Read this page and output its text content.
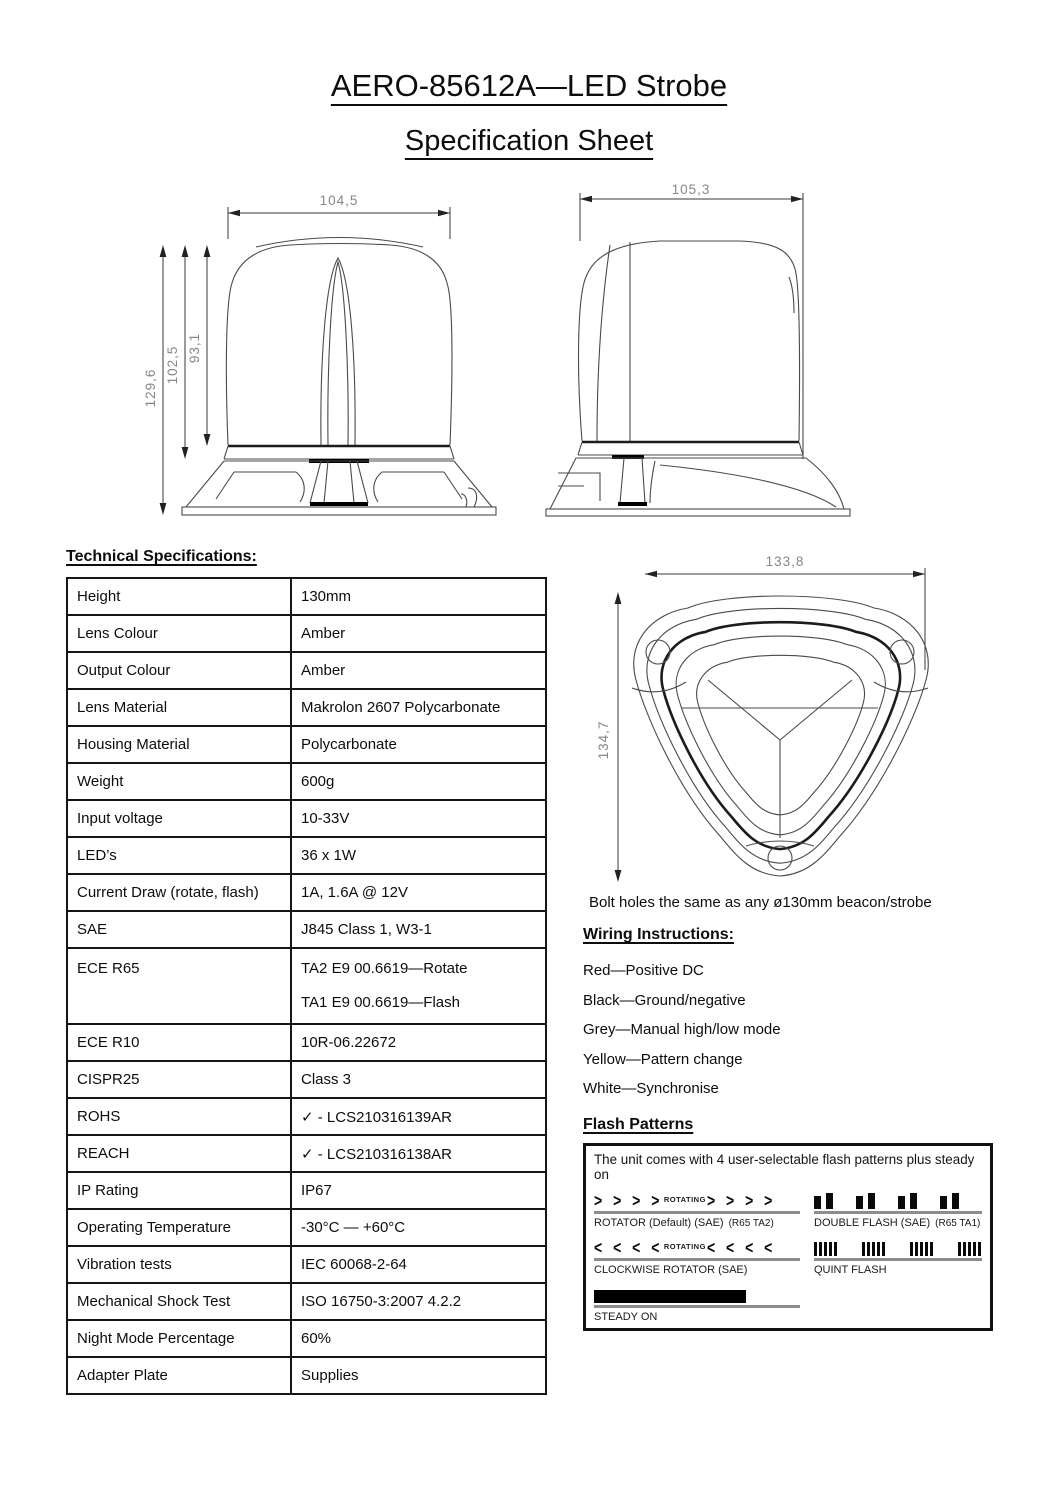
AERO-85612A—LED Strobe
Specification Sheet
104,5
129,6
102,5 93,1
105,3
Technical Specifications:
Height	130mm
Lens Colour	Amber
Output Colour	Amber
Lens Material	Makrolon 2607 Polycarbonate
Housing Material	Polycarbonate
Weight	600g
Input voltage	10-33V
LED’s	36 x 1W
Current Draw (rotate, flash)	1A, 1.6A @ 12V
SAE	J845 Class 1, W3-1
ECE R65	TA2 E9 00.6619—Rotate
TA1 E9 00.6619—Flash

ECE R10	10R-06.22672
CISPR25	Class 3
ROHS	✓ - LCS210316139AR
REACH	✓ - LCS210316138AR
IP Rating	IP67
Operating Temperature	-30°C — +60°C
Vibration tests	IEC 60068-2-64
Mechanical Shock Test	ISO 16750-3:2007 4.2.2
Night Mode Percentage	60%
Adapter Plate	Supplies
133,8
134,7
Bolt holes the same as any ø130mm beacon/strobe
Wiring Instructions:
Red—Positive DC
Black—Ground/negative
Grey—Manual high/low mode
Yellow—Pattern change
White—Synchronise
Flash Patterns
The unit comes with 4 user-selectable flash patterns plus steady on
> > > > ROTATING > > > >
ROTATOR (Default) (SAE) (R65 TA2)	DOUBLE FLASH (SAE) (R65 TA1)
< < < < ROTATING < < < <
CLOCKWISE ROTATOR (SAE)	QUINT FLASH
STEADY ON
